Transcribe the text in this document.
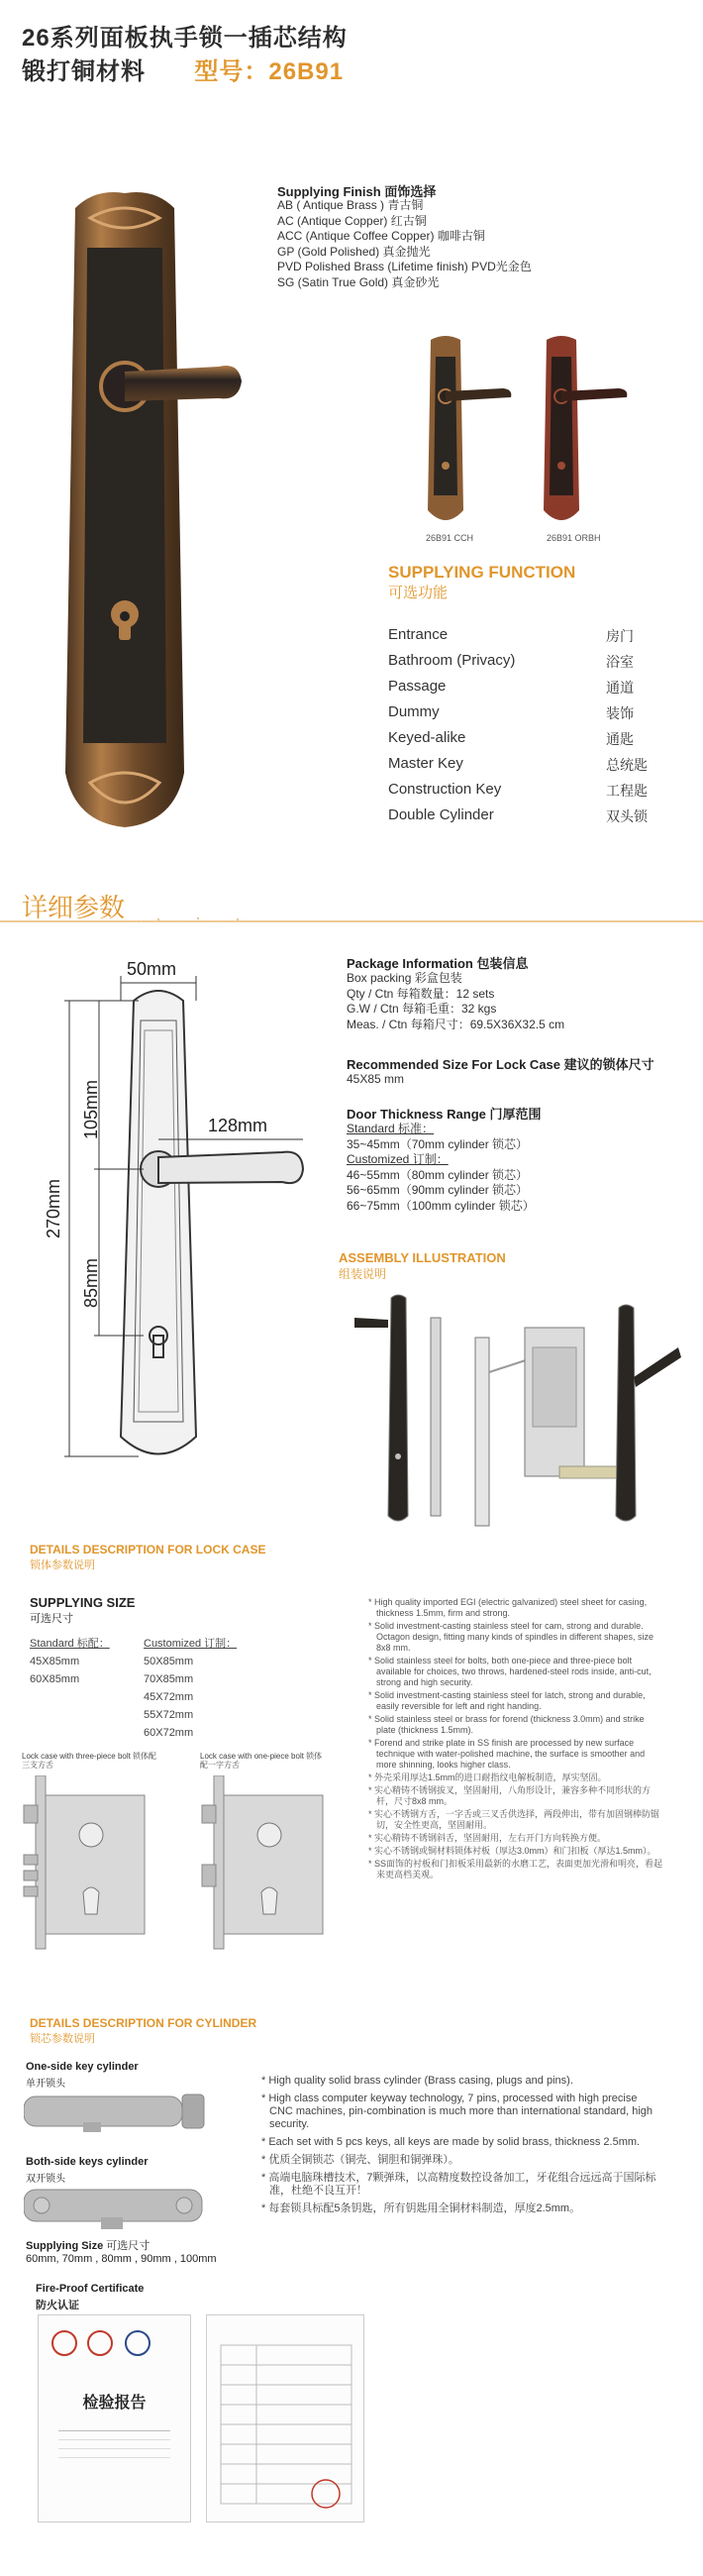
26系列面板执手锁一插芯结构
锻打铜材料 型号：26B91
Supplying Finish 面饰选择
AB ( Antique Brass ) 青古铜
AC (Antique Copper) 红古铜
ACC (Antique Coffee Copper) 咖啡古铜
GP (Gold Polished) 真金抛光
PVD Polished Brass (Lifetime finish) PVD光金色
SG (Satin True Gold) 真金砂光
26B91 CCH	26B91 ORBH
SUPPLYING FUNCTION
可选功能
Entrance	房门
Bathroom (Privacy)	浴室
Passage	通道
Dummy	装饰
Keyed-alike	通匙
Master Key	总统匙
Construction Key	工程匙
Double Cylinder	双头锁
详细参数
50mm
128mm
270mm
105mm
85mm
Package Information 包装信息
Box packing 彩盒包装
Qty / Ctn 每箱数量：12 sets
G.W / Ctn 每箱毛重：32 kgs
Meas. / Ctn 每箱尺寸：69.5X36X32.5 cm
Recommended Size For Lock Case 建议的锁体尺寸
45X85 mm
Door Thickness Range 门厚范围
Standard 标准：
35~45mm（70mm cylinder 锁芯）
Customized 订制：
46~55mm（80mm cylinder 锁芯）
56~65mm（90mm cylinder 锁芯）
66~75mm（100mm cylinder 锁芯）
ASSEMBLY ILLUSTRATION
组装说明
DETAILS DESCRIPTION FOR LOCK CASE
锁体参数说明
SUPPLYING SIZE
可选尺寸
Standard 标配：
45X85mm
60X85mm
Customized 订制：
50X85mm
70X85mm
45X72mm
55X72mm
60X72mm
Lock case with three-piece bolt 锁体配三支方舌
Lock case with one-piece bolt 锁体配一字方舌

* High quality imported EGI (electric galvanized) steel sheet for casing, thickness 1.5mm, firm and strong.

* Solid investment-casting stainless steel for cam, strong and durable. Octagon design, fitting many kinds of spindles in different shapes, size 8x8 mm.

* Solid stainless steel for bolts, both one-piece and three-piece bolt available for choices, two throws, hardened-steel rods inside, anti-cut, strong and high security.

* Solid investment-casting stainless steel for latch, strong and durable, easily reversible for left and right handing.

* Solid stainless steel or brass for forend (thickness 3.0mm) and strike plate (thickness 1.5mm).

* Forend and strike plate in SS finish are processed by new surface technique with water-polished machine, the surface is smoother and more shinning, looks higher class.

* 外壳采用厚达1.5mm的进口耐指纹电解板制造，厚实坚固。

* 实心精铸不锈钢拔叉，坚固耐用，八角形设计，兼容多种不同形状的方杆，尺寸8x8 mm。

* 实心不锈钢方舌，一字舌或三叉舌供选择，两段伸出，带有加固钢棒防锯切，安全性更高，坚固耐用。

* 实心精铸不锈钢斜舌，坚固耐用，左右开门方向转换方便。

* 实心不锈钢或铜材料锁体衬板（厚达3.0mm）和门扣板（厚达1.5mm）。

* SS面饰的衬板和门扣板采用最新的水磨工艺，表面更加光滑和明亮，看起来更高档美观。

DETAILS DESCRIPTION FOR CYLINDER
锁芯参数说明
One-side key cylinder
单开锁头
Both-side keys cylinder
双开锁头
Supplying Size 可选尺寸
60mm, 70mm , 80mm , 90mm , 100mm

* High quality solid brass cylinder (Brass casing, plugs and pins).

* High class computer keyway technology, 7 pins, processed with high precise CNC machines, pin-combination is much more than international standard, high security.

* Each set with 5 pcs keys, all keys are made by solid brass, thickness 2.5mm.

* 优质全铜锁芯（铜壳、铜胆和铜弹珠）。

* 高端电脑珠槽技术，7颗弹珠，以高精度数控设备加工，牙花组合远远高于国际标准，杜绝不良互开！

* 每套锁具标配5条钥匙，所有钥匙用全铜材料制造，厚度2.5mm。

Fire-Proof Certificate
防火认证
检验报告
